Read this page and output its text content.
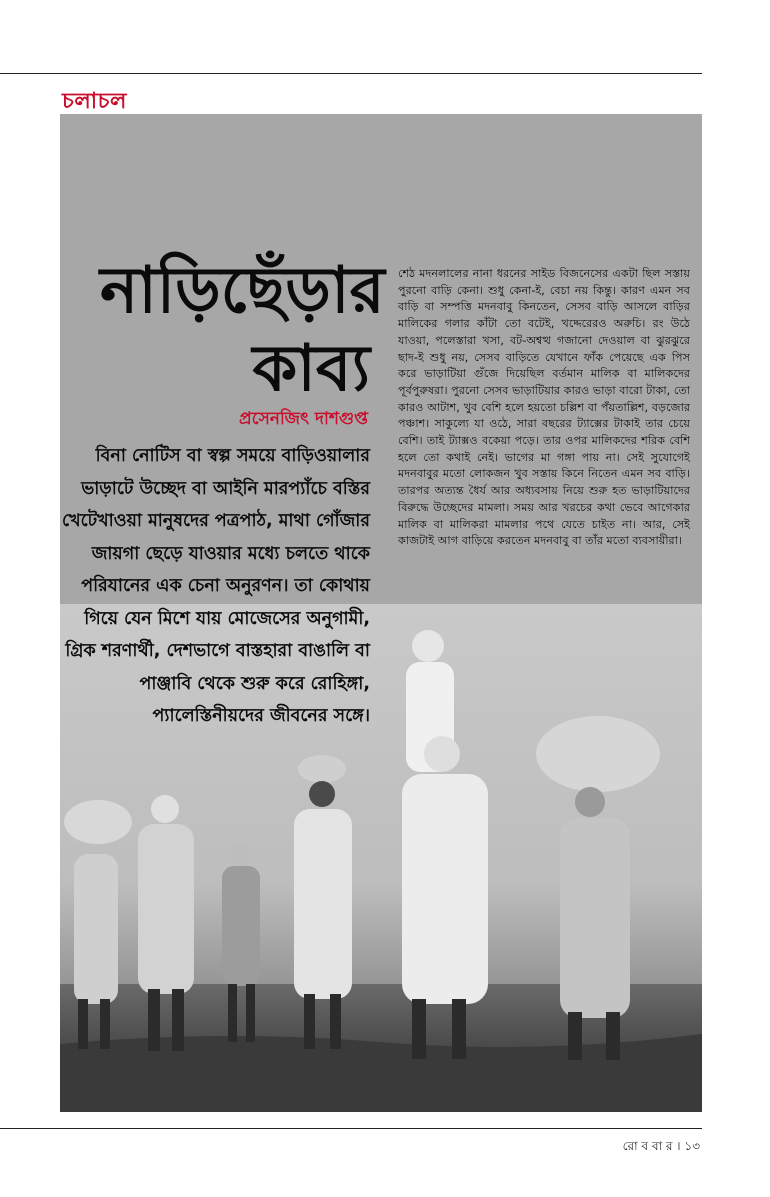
চলাচল
নাড়িছেঁড়ার কাব্য
প্রসেনজিৎ দাশগুপ্ত
বিনা নোটিস বা স্বল্প সময়ে বাড়িওয়ালার ভাড়াটে উচ্ছেদ বা আইনি মারপ্যাঁচে বস্তির খেটেখাওয়া মানুষদের পত্রপাঠ, মাথা গোঁজার জায়গা ছেড়ে যাওয়ার মধ্যে চলতে থাকে পরিযানের এক চেনা অনুরণন। তা কোথায় গিয়ে যেন মিশে যায় মোজেসের অনুগামী, গ্রিক শরণার্থী, দেশভাগে বাস্তহারা বাঙালি বা পাঞ্জাবি থেকে শুরু করে রোহিঙ্গা, প্যালেস্তিনীয়দের জীবনের সঙ্গে।
শেঠ মদনলালের নানা ধরনের সাইড বিজনেসের একটা ছিল সস্তায় পুরনো বাড়ি কেনা। শুধু কেনা-ই, বেচা নয় কিন্তু। কারণ এমন সব বাড়ি বা সম্পত্তি মদনবাবু কিনতেন, সেসব বাড়ি আসলে বাড়ির মালিকের গলার কাঁটা তো বটেই, খদ্দেরেরও অরুচি। রং উঠে যাওয়া, পলেস্তারা খসা, বট-অশ্বত্থ গজানো দেওয়াল বা ঝুরঝুরে ছাদ-ই শুধু নয়, সেসব বাড়িতে যেখানে ফাঁক পেয়েছে এক পিস করে ভাড়াটিয়া গুঁজে দিয়েছিল বর্তমান মালিক বা মালিকদের পূর্বপুরুষরা। পুরনো সেসব ভাড়াটিয়ার কারও ভাড়া বারো টাকা, তো কারও আটাশ, খুব বেশি হলে হয়তো চল্লিশ বা পঁয়তাল্লিশ, বড়জোর পঞ্চাশ। সাকুল্যে যা ওঠে, সারা বছরের ট্যাক্সের টাকাই তার চেয়ে বেশি। তাই ট্যাক্সও বকেয়া পড়ে। তার ওপর মালিকদের শরিক বেশি হলে তো কথাই নেই। ভাগের মা গঙ্গা পায় না। সেই সুযোগেই মদনবাবুর মতো লোকজন খুব সস্তায় কিনে নিতেন এমন সব বাড়ি। তারপর অত্যন্ত ধৈর্য আর অধ্যবসায় নিয়ে শুরু হত ভাড়াটিয়াদের বিরুদ্ধে উচ্ছেদের মামলা। সময় আর খরচের কথা ভেবে আগেকার মালিক বা মালিকরা মামলার পথে যেতে চাইত না। আর, সেই কাজটাই আগ বাড়িয়ে করতেন মদনবাবু বা তাঁর মতো ব্যবসায়ীরা।
রো ব বা র । ১৩
